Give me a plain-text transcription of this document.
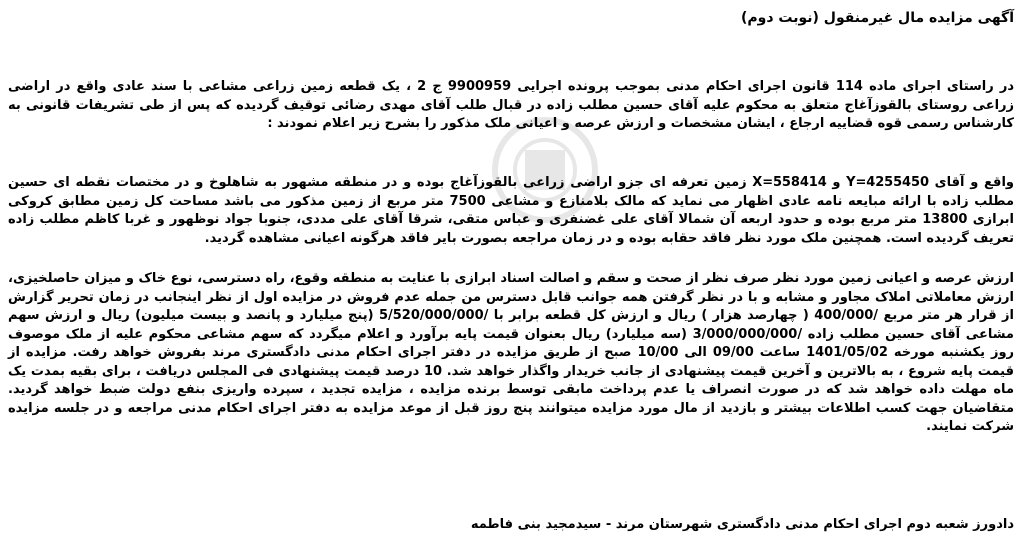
آگهی مزایده مال غیرمنقول (نوبت دوم)

در راستای اجرای ماده 114 قانون اجرای احکام مدنی بموجب پرونده اجرایی 9900959 ج 2 ، یک قطعه زمین زراعی مشاعی با سند عادی واقع در اراضی زراعی روستای بالقوزآغاج متعلق به محکوم علیه آقای حسین مطلب زاده در قبال طلب آقای مهدی رضائی توقیف گردیده که پس از طی تشریفات قانونی به کارشناس رسمی قوه قضاییه ارجاع ، ایشان مشخصات و ارزش عرصه و اعیانی ملک مذکور را بشرح زیر اعلام نمودند :

واقع و آقای Y=4255450 و X=558414 زمین تعرفه ای جزو اراضی زراعی بالقوزآغاج بوده و در منطقه مشهور به شاهلوخ و در مختصات نقطه ای حسین مطلب زاده با ارائه مبایعه نامه عادی اظهار می نماید که مالک بلامنازع و مشاعی 7500 متر مربع از زمین مذکور می باشد مساحت کل زمین مطابق کروکی ابرازی 13800 متر مربع بوده و حدود اربعه آن شمالا آقای علی غضنفری و عباس متقی، شرقا آقای علی مددی، جنوبا جواد نوظهور و غربا کاظم مطلب زاده تعریف گردیده است. همچنین ملک مورد نظر فاقد حقابه بوده و در زمان مراجعه بصورت بایر فاقد هرگونه اعیانی مشاهده گردید.

ارزش عرصه و اعیانی زمین مورد نظر صرف نظر از صحت و سقم و اصالت اسناد ابرازی با عنایت به منطقه وقوع، راه دسترسی، نوع خاک و میزان حاصلخیزی، ارزش معاملاتی املاک مجاور و مشابه و با در نظر گرفتن همه جوانب قابل دسترس من جمله عدم فروش در مزایده اول از نظر اینجانب در زمان تحریر گزارش از قرار هر متر مربع /400/000 ( چهارصد هزار ) ریال و ارزش کل قطعه برابر با /5/520/000/000 (پنج میلیارد و پانصد و بیست میلیون) ریال و ارزش سهم مشاعی آقای حسین مطلب زاده /3/000/000/000 (سه میلیارد) ریال بعنوان قیمت پایه برآورد و اعلام میگردد که سهم مشاعی محکوم علیه از ملک موصوف روز یکشنبه مورخه 1401/05/02 ساعت 09/00 الی 10/00 صبح از طریق مزایده در دفتر اجرای احکام مدنی دادگستری مرند بفروش خواهد رفت. مزایده از قیمت پایه شروع ، به بالاترین و آخرین قیمت پیشنهادی از جانب خریدار واگذار خواهد شد. 10 درصد قیمت پیشنهادی فی المجلس دریافت ، برای بقیه بمدت یک ماه مهلت داده خواهد شد که در صورت انصراف یا عدم پرداخت مابقی توسط برنده مزایده ، مزایده تجدید ، سپرده واریزی بنفع دولت ضبط خواهد گردید. متقاضیان جهت کسب اطلاعات بیشتر و بازدید از مال مورد مزایده میتوانند پنج روز قبل از موعد مزایده به دفتر اجرای احکام مدنی مراجعه و در جلسه مزایده شرکت نمایند.

دادورز شعبه دوم اجرای احکام مدنی دادگستری شهرستان مرند - سیدمجید بنی فاطمه
